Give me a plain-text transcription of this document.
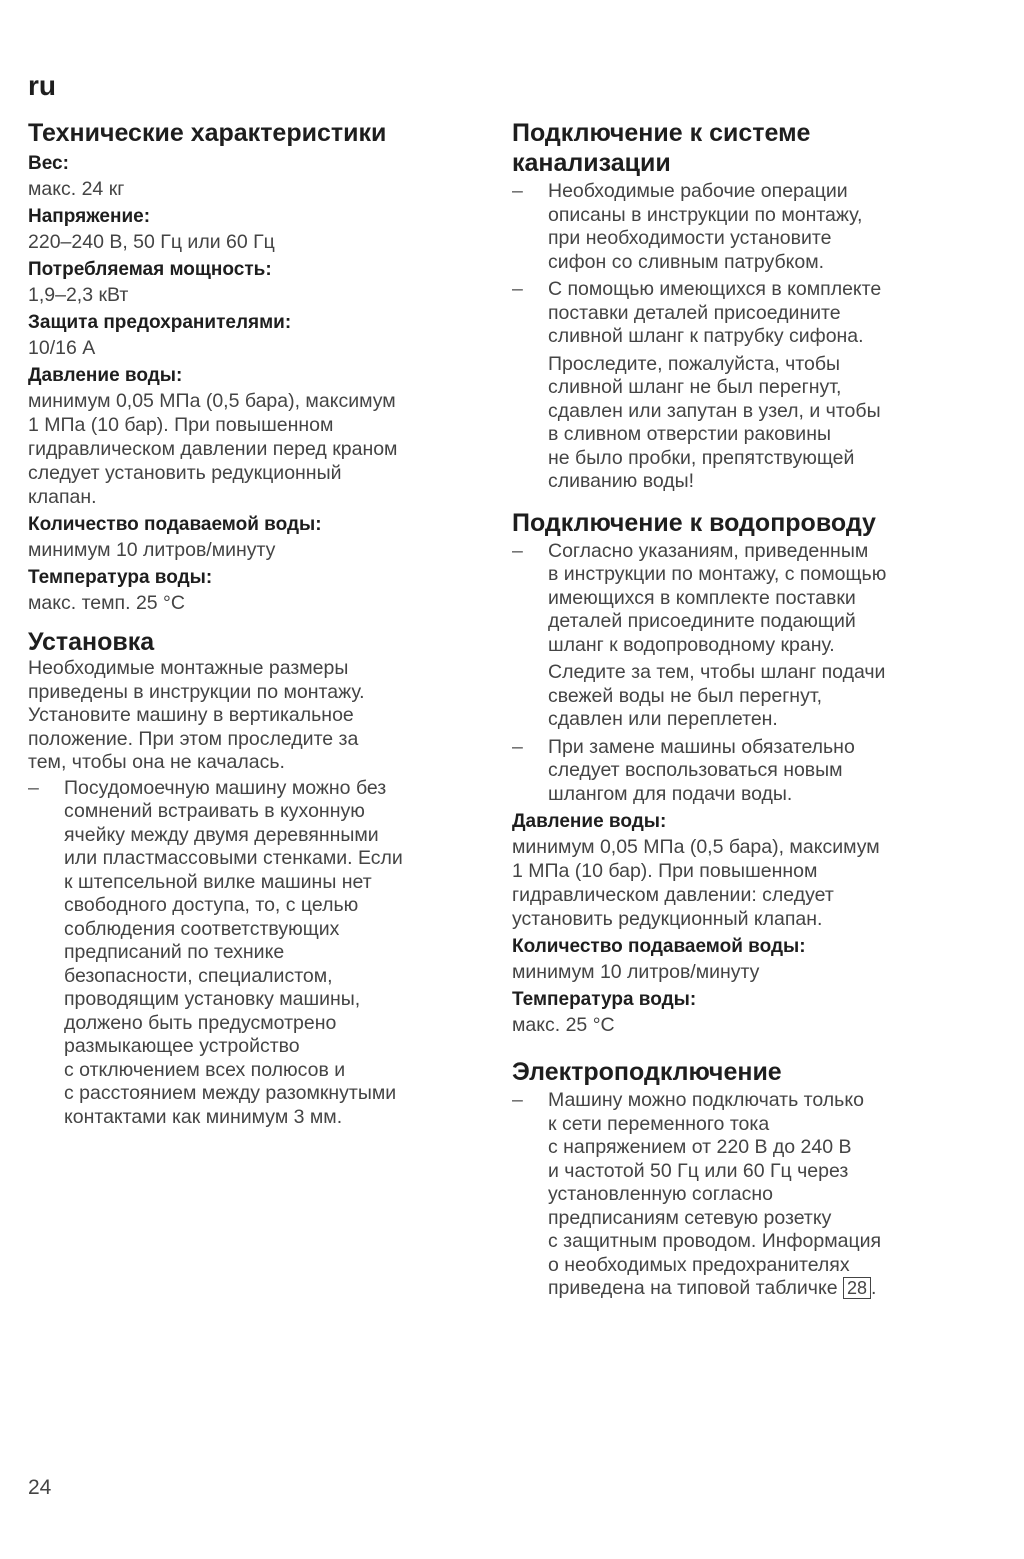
ru
Технические характеристики
Вес:
макс. 24 кг
Напряжение:
220–240 В, 50 Гц или 60 Гц
Потребляемая мощность:
1,9–2,3 кВт
Защита предохранителями:
10/16 А
Давление воды:
минимум 0,05 МПа (0,5 бара), максимум
1 МПа (10 бар). При повышенном
гидравлическом давлении перед краном
следует установить редукционный
клапан.
Количество подаваемой воды:
минимум 10 литров/минуту
Температура воды:
макс. темп. 25 °C
Установка

Необходимые монтажные размеры
приведены в инструкции по монтажу.
Установите машину в вертикальное
положение. При этом проследите за
тем, чтобы она не качалась.

– Посудомоечную машину можно без
сомнений встраивать в кухонную
ячейку между двумя деревянными
или пластмассовыми стенками. Если
к штепсельной вилке машины нет
свободного доступа, то, с целью
соблюдения соответствующих
предписаний по технике
безопасности, специалистом,
проводящим установку машины,
должено быть предусмотрено
размыкающее устройство
с отключением всех полюсов и
с расстоянием между разомкнутыми
контактами как минимум 3 мм.
Подключение к системе
канализации
– Необходимые рабочие операции
описаны в инструкции по монтажу,
при необходимости установите
сифон со сливным патрубком.
– С помощью имеющихся в комплекте
поставки деталей присоедините
сливной шланг к патрубку сифона.
Проследите, пожалуйста, чтобы
сливной шланг не был перегнут,
сдавлен или запутан в узел, и чтобы
в сливном отверстии раковины
не было пробки, препятствующей
сливанию воды!
Подключение к водопроводу
– Согласно указаниям, приведенным
в инструкции по монтажу, с помощью
имеющихся в комплекте поставки
деталей присоедините подающий
шланг к водопроводному крану.
Следите за тем, чтобы шланг подачи
свежей воды не был перегнут,
сдавлен или переплетен.
– При замене машины обязательно
следует воспользоваться новым
шлангом для подачи воды.
Давление воды:
минимум 0,05 МПа (0,5 бара), максимум
1 МПа (10 бар). При повышенном
гидравлическом давлении: следует
установить редукционный клапан.
Количество подаваемой воды:
минимум 10 литров/минуту
Температура воды:
макс. 25 °C
Электроподключение
– Машину можно подключать только
к сети переменного тока
с напряжением от 220 В до 240 В
и частотой 50 Гц или 60 Гц через
установленную согласно
предписаниям сетевую розетку
с защитным проводом. Информация
о необходимых предохранителях
приведена на типовой табличке 28 .
24
